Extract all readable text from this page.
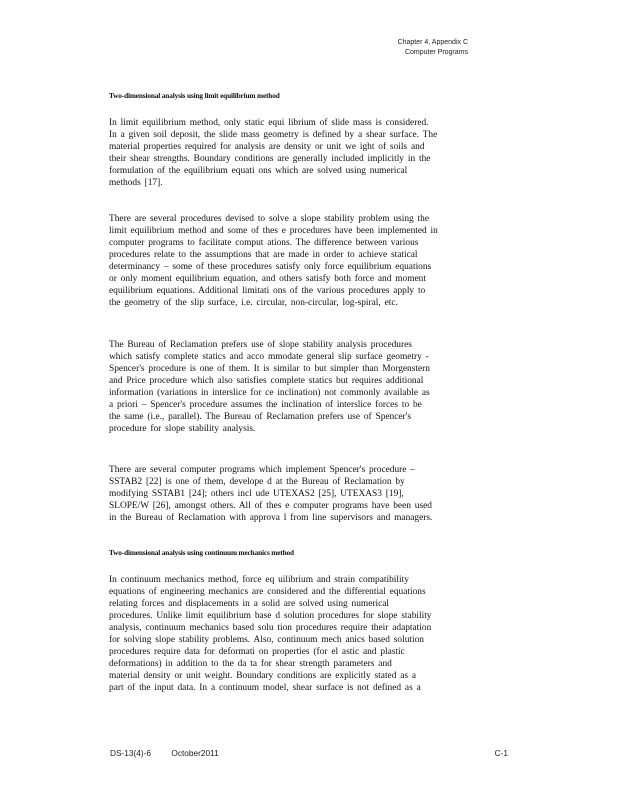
Chapter 4, Appendix C
Computer Programs
Two-dimensional analysis using limit equilibrium method
In limit equilibrium method, only static equi librium of slide mass is considered.
In a given soil deposit, the slide mass geometry is defined by a shear surface. The
material properties required for analysis are density or unit we ight of soils and
their shear strengths. Boundary conditions are generally included implicitly in the
formulation of the equilibrium equati ons which are solved using numerical
methods [17].
There are several procedures devised to solve a slope stability problem using the
limit equilibrium method and some of thes e procedures have been implemented in
computer programs to facilitate comput ations. The difference between various
procedures relate to the assumptions that are made in order to achieve statical
determinancy – some of these procedures satisfy only force equilibrium equations
or only moment equilibrium equation, and others satisfy both force and moment
equilibrium equations. Additional limitati ons of the various procedures apply to
the geometry of the slip surface, i.e. circular, non-circular, log-spiral, etc.
The Bureau of Reclamation prefers use of slope stability analysis procedures
which satisfy complete statics and acco mmodate general slip surface geometry -
Spencer's procedure is one of them. It is similar to but simpler than Morgenstern
and Price procedure which also satisfies complete statics but requires additional
information (variations in interslice for ce inclination) not commonly available as
a priori – Spencer's procedure assumes the inclination of interslice forces to be
the same (i.e., parallel). The Bureau of Reclamation prefers use of Spencer's
procedure for slope stability analysis.
There are several computer programs which implement Spencer's procedure –
SSTAB2 [22] is one of them, develope d at the Bureau of Reclamation by
modifying SSTAB1 [24]; others incl ude UTEXAS2 [25], UTEXAS3 [19],
SLOPE/W [26], amongst others. All of thes e computer programs have been used
in the Bureau of Reclamation with approva l from line supervisors and managers.
Two-dimensional analysis using continuum mechanics method
In continuum mechanics method, force eq uilibrium and strain compatibility
equations of engineering mechanics are considered and the differential equations
relating forces and displacements in a solid are solved using numerical
procedures. Unlike limit equilibrium base d solution procedures for slope stability
analysis, continuum mechanics based solu tion procedures require their adaptation
for solving slope stability problems. Also, continuum mech anics based solution
procedures require data for deformati on properties (for el astic and plastic
deformations) in addition to the da ta for shear strength parameters and
material density or unit weight. Boundary conditions are explicitly stated as a
part of the input data. In a continuum model, shear surface is not defined as a
DS-13(4)-6 October2011	C-1
